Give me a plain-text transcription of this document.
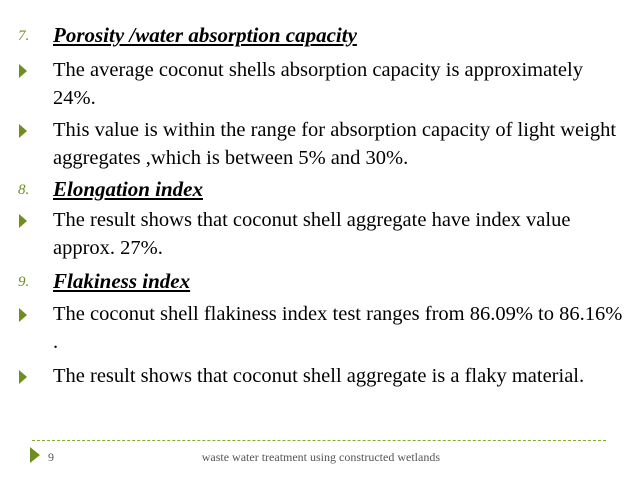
7. Porosity /water absorption capacity
The average coconut shells absorption capacity is approximately 24%.
This value is within the range for absorption capacity of light weight aggregates ,which is between 5% and 30%.
8. Elongation index
The result shows that coconut shell aggregate have index value approx. 27%.
9. Flakiness index
The coconut shell flakiness index test ranges from 86.09% to 86.16% .
The result shows that coconut shell aggregate is a flaky material.
9	waste water treatment using constructed wetlands
